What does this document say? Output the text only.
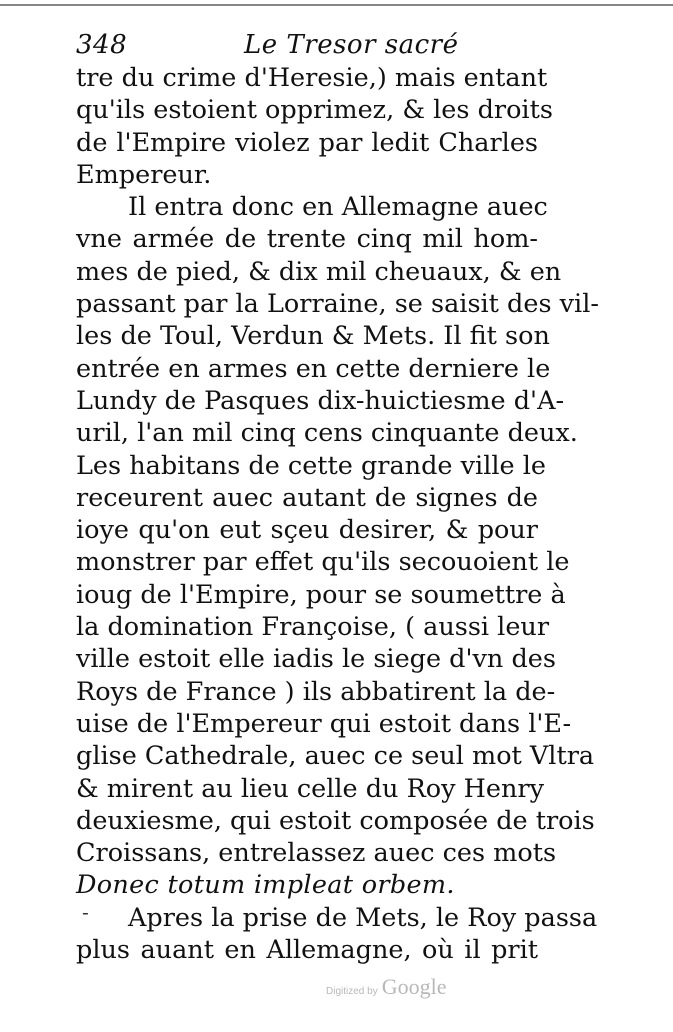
348	Le Tresor sacré
tre du crime d'Heresie,) mais entant
qu'ils estoient opprimez, & les droits
de l'Empire violez par ledit Charles
Empereur.
Il entra donc en Allemagne auec
vne armée de trente cinq mil hom-
mes de pied, & dix mil cheuaux, & en
passant par la Lorraine, se saisit des vil-
les de Toul, Verdun & Mets. Il fit son
entrée en armes en cette derniere le
Lundy de Pasques dix-huictiesme d'A-
uril, l'an mil cinq cens cinquante deux.
Les habitans de cette grande ville le
receurent auec autant de signes de
ioye qu'on eut sçeu desirer, & pour
monstrer par effet qu'ils secouoient le
ioug de l'Empire, pour se soumettre à
la domination Françoise, ( aussi leur
ville estoit elle iadis le siege d'vn des
Roys de France ) ils abbatirent la de-
uise de l'Empereur qui estoit dans l'E-
glise Cathedrale, auec ce seul mot Vltra
& mirent au lieu celle du Roy Henry
deuxiesme, qui estoit composée de trois
Croissans, entrelassez auec ces mots
Donec totum impleat orbem.
Apres la prise de Mets, le Roy passa
plus auant en Allemagne, où il prit
-
Digitized by Google
